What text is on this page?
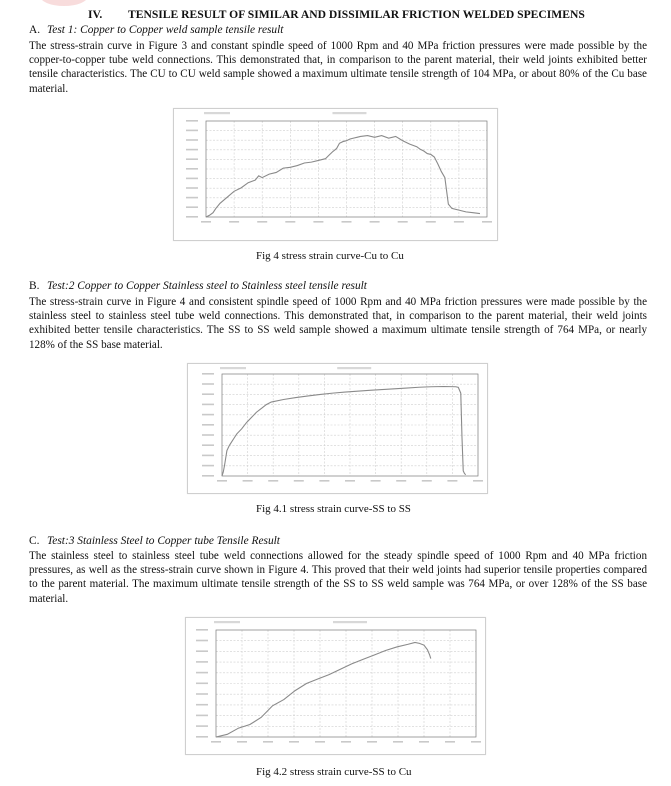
IV. TENSILE RESULT OF SIMILAR AND DISSIMILAR FRICTION WELDED SPECIMENS
A. Test 1: Copper to Copper weld sample tensile result

The stress-strain curve in Figure 3 and constant spindle speed of 1000 Rpm and 40 MPa friction pressures were made possible by the copper-to-copper tube weld connections. This demonstrated that, in comparison to the parent material, their weld joints exhibited better tensile characteristics. The CU to CU weld sample showed a maximum ultimate tensile strength of 104 MPa, or about 80% of the Cu base material.

Fig 4 stress strain curve-Cu to Cu
B. Test:2 Copper to Copper Stainless steel to Stainless steel tensile result

The stress-strain curve in Figure 4 and consistent spindle speed of 1000 Rpm and 40 MPa friction pressures were made possible by the stainless steel to stainless steel tube weld connections. This demonstrated that, in comparison to the parent material, their weld joints exhibited better tensile characteristics. The SS to SS weld sample showed a maximum ultimate tensile strength of 764 MPa, or nearly 128% of the SS base material.

Fig 4.1 stress strain curve-SS to SS
C. Test:3 Stainless Steel to Copper tube Tensile Result

The stainless steel to stainless steel tube weld connections allowed for the steady spindle speed of 1000 Rpm and 40 MPa friction pressures, as well as the stress-strain curve shown in Figure 4. This proved that their weld joints had superior tensile properties compared to the parent material. The maximum ultimate tensile strength of the SS to SS weld sample was 764 MPa, or over 128% of the SS base material.

Fig 4.2 stress strain curve-SS to Cu
